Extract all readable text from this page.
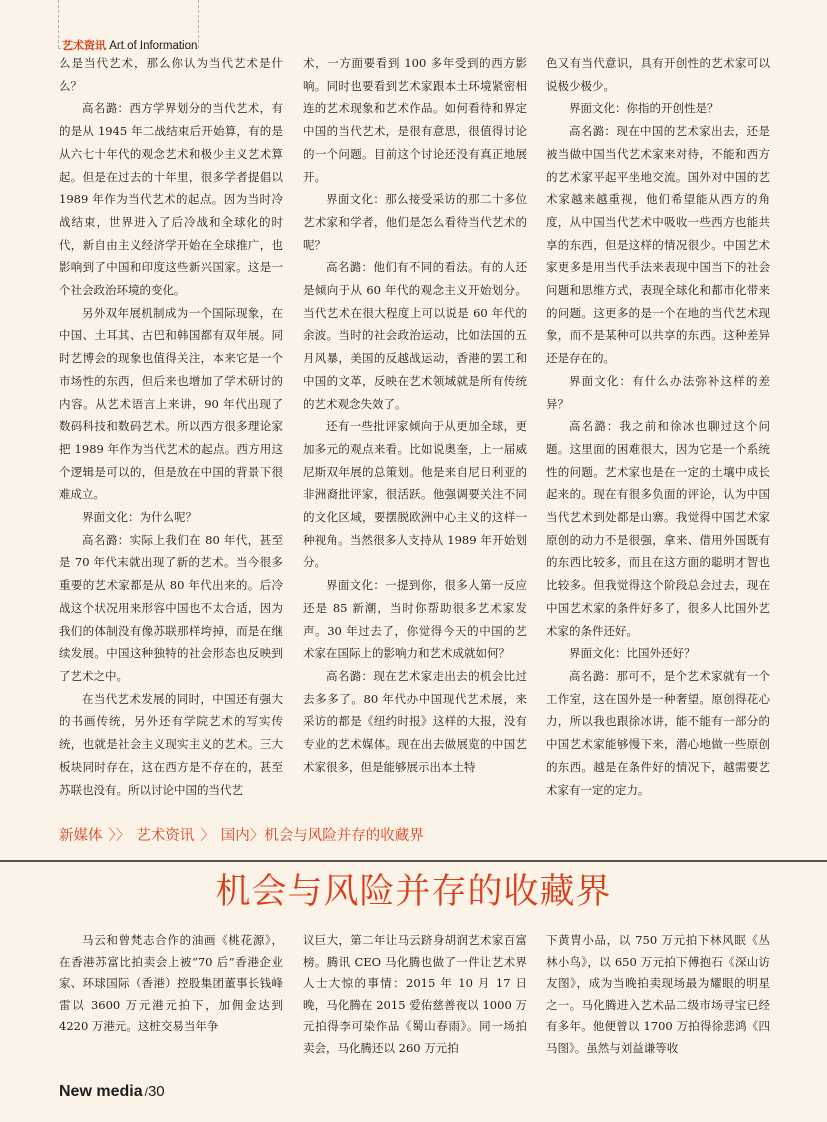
艺术资讯 Art of Information

么是当代艺术，那么你认为当代艺术是什么？

高名潞：西方学界划分的当代艺术，有的是从 1945 年二战结束后开始算，有的是从六七十年代的观念艺术和极少主义艺术算起。但是在过去的十年里，很多学者提倡以 1989 年作为当代艺术的起点。因为当时冷战结束，世界进入了后冷战和全球化的时代，新自由主义经济学开始在全球推广，也影响到了中国和印度这些新兴国家。这是一个社会政治环境的变化。

另外双年展机制成为一个国际现象，在中国、土耳其、古巴和韩国都有双年展。同时艺博会的现象也值得关注，本来它是一个市场性的东西，但后来也增加了学术研讨的内容。从艺术语言上来讲，90 年代出现了数码科技和数码艺术。所以西方很多理论家把 1989 年作为当代艺术的起点。西方用这个逻辑是可以的，但是放在中国的背景下很难成立。

界面文化：为什么呢？

高名潞：实际上我们在 80 年代，甚至是 70 年代末就出现了新的艺术。当今很多重要的艺术家都是从 80 年代出来的。后冷战这个状况用来形容中国也不太合适，因为我们的体制没有像苏联那样垮掉，而是在继续发展。中国这种独特的社会形态也反映到了艺术之中。

在当代艺术发展的同时，中国还有强大的书画传统，另外还有学院艺术的写实传统，也就是社会主义现实主义的艺术。三大板块同时存在，这在西方是不存在的，甚至苏联也没有。所以讨论中国的当代艺

术，一方面要看到 100 多年受到的西方影响。同时也要看到艺术家跟本土环境紧密相连的艺术现象和艺术作品。如何看待和界定中国的当代艺术，是很有意思，很值得讨论的一个问题。目前这个讨论还没有真正地展开。

界面文化：那么接受采访的那二十多位艺术家和学者，他们是怎么看待当代艺术的呢？

高名潞：他们有不同的看法。有的人还是倾向于从 60 年代的观念主义开始划分。当代艺术在很大程度上可以说是 60 年代的余波。当时的社会政治运动，比如法国的五月风暴，美国的反越战运动，香港的罢工和中国的文革，反映在艺术领域就是所有传统的艺术观念失效了。

还有一些批评家倾向于从更加全球，更加多元的观点来看。比如说奥奎，上一届威尼斯双年展的总策划。他是来自尼日利亚的非洲裔批评家，很活跃。他强调要关注不同的文化区域，要摆脱欧洲中心主义的这样一种视角。当然很多人支持从 1989 年开始划分。

界面文化：一提到你，很多人第一反应还是 85 新潮，当时你帮助很多艺术家发声。30 年过去了，你觉得今天的中国的艺术家在国际上的影响力和艺术成就如何？

高名潞：现在艺术家走出去的机会比过去多多了。80 年代办中国现代艺术展，来采访的都是《纽约时报》这样的大报，没有专业的艺术媒体。现在出去做展览的中国艺术家很多，但是能够展示出本土特

色又有当代意识，具有开创性的艺术家可以说极少极少。

界面文化：你指的开创性是？

高名潞：现在中国的艺术家出去，还是被当做中国当代艺术家来对待，不能和西方的艺术家平起平坐地交流。国外对中国的艺术家越来越重视，他们希望能从西方的角度，从中国当代艺术中吸收一些西方也能共享的东西，但是这样的情况很少。中国艺术家更多是用当代手法来表现中国当下的社会问题和思维方式，表现全球化和都市化带来的问题。这更多的是一个在地的当代艺术现象，而不是某种可以共享的东西。这种差异还是存在的。

界面文化：有什么办法弥补这样的差异？

高名潞：我之前和徐冰也聊过这个问题。这里面的困难很大，因为它是一个系统性的问题。艺术家也是在一定的土壤中成长起来的。现在有很多负面的评论，认为中国当代艺术到处都是山寨。我觉得中国艺术家原创的动力不是很强，拿来、借用外国既有的东西比较多，而且在这方面的聪明才智也比较多。但我觉得这个阶段总会过去，现在中国艺术家的条件好多了，很多人比国外艺术家的条件还好。

界面文化：比国外还好？

高名潞：那可不，是个艺术家就有一个工作室，这在国外是一种奢望。原创得花心力，所以我也跟徐冰讲，能不能有一部分的中国艺术家能够慢下来，潜心地做一些原创的东西。越是在条件好的情况下，越需要艺术家有一定的定力。

新媒体 〉〉 艺术资讯 〉 国内〉机会与风险并存的收藏界
机会与风险并存的收藏界

马云和曾梵志合作的油画《桃花源》，在香港苏富比拍卖会上被“70 后”香港企业家、环球国际（香港）控股集团董事长钱峰雷以 3600 万元港元拍下，加佣金达到 4220 万港元。这桩交易当年争

议巨大，第二年让马云跻身胡润艺术家百富榜。腾讯 CEO 马化腾也做了一件让艺术界人士大惊的事情：2015 年 10 月 17 日晚，马化腾在 2015 爱佑慈善夜以 1000 万元拍得李可染作品《蜀山春雨》。同一场拍卖会，马化腾还以 260 万元拍

下黄胄小品，以 750 万元拍下林风眠《丛林小鸟》，以 650 万元拍下傅抱石《深山访友图》，成为当晚拍卖现场最为耀眼的明星之一。马化腾进入艺术品二级市场寻宝已经有多年。他便曾以 1700 万拍得徐悲鸿《四马图》。虽然与刘益谦等收

New media /30
